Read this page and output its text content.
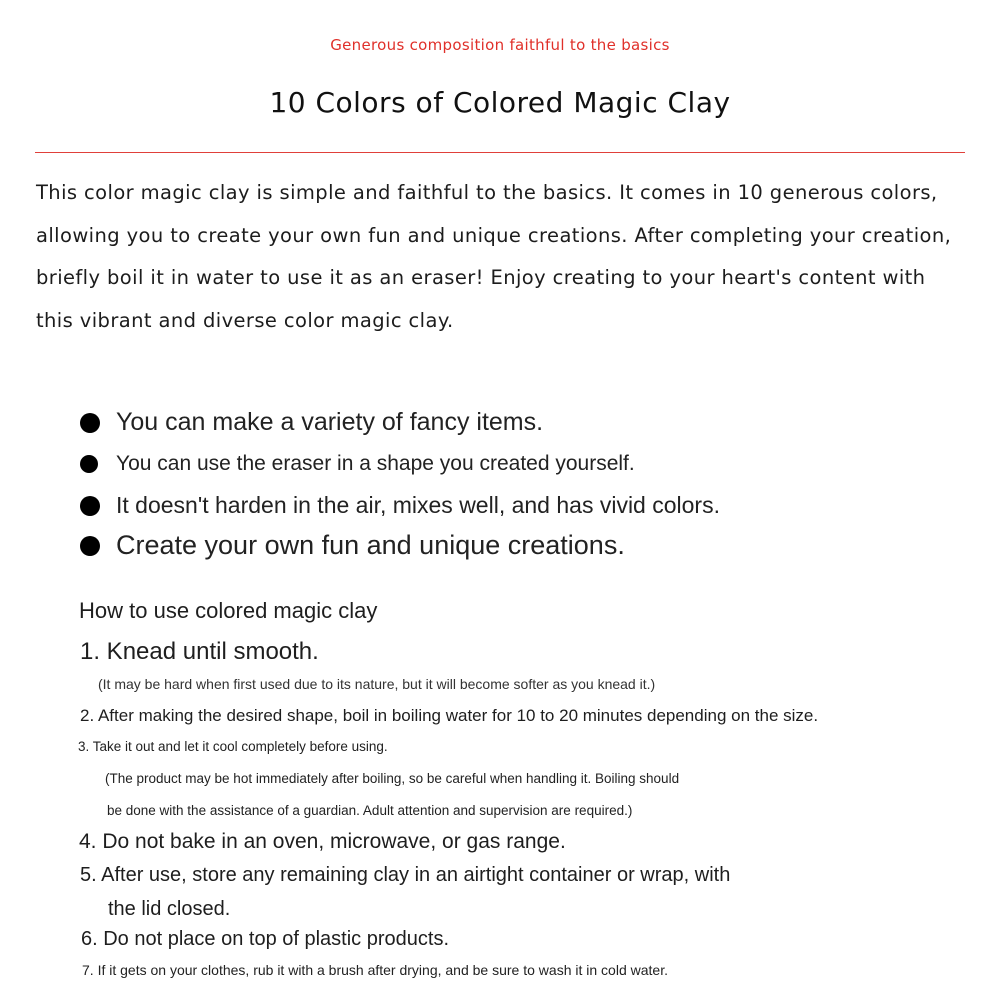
Generous composition faithful to the basics
10 Colors of Colored Magic Clay

This color magic clay is simple and faithful to the basics. It comes in 10 generous colors, allowing you to create your own fun and unique creations. After completing your creation, briefly boil it in water to use it as an eraser! Enjoy creating to your heart's content with this vibrant and diverse color magic clay.

You can make a variety of fancy items.
You can use the eraser in a shape you created yourself.
It doesn't harden in the air, mixes well, and has vivid colors.
Create your own fun and unique creations.
How to use colored magic clay

1. Knead until smooth.

(It may be hard when first used due to its nature, but it will become softer as you knead it.)

2. After making the desired shape, boil in boiling water for 10 to 20 minutes depending on the size.

3. Take it out and let it cool completely before using.

(The product may be hot immediately after boiling, so be careful when handling it. Boiling should

be done with the assistance of a guardian. Adult attention and supervision are required.)

4. Do not bake in an oven, microwave, or gas range.

5. After use, store any remaining clay in an airtight container or wrap, with

the lid closed.

6. Do not place on top of plastic products.

7. If it gets on your clothes, rub it with a brush after drying, and be sure to wash it in cold water.
